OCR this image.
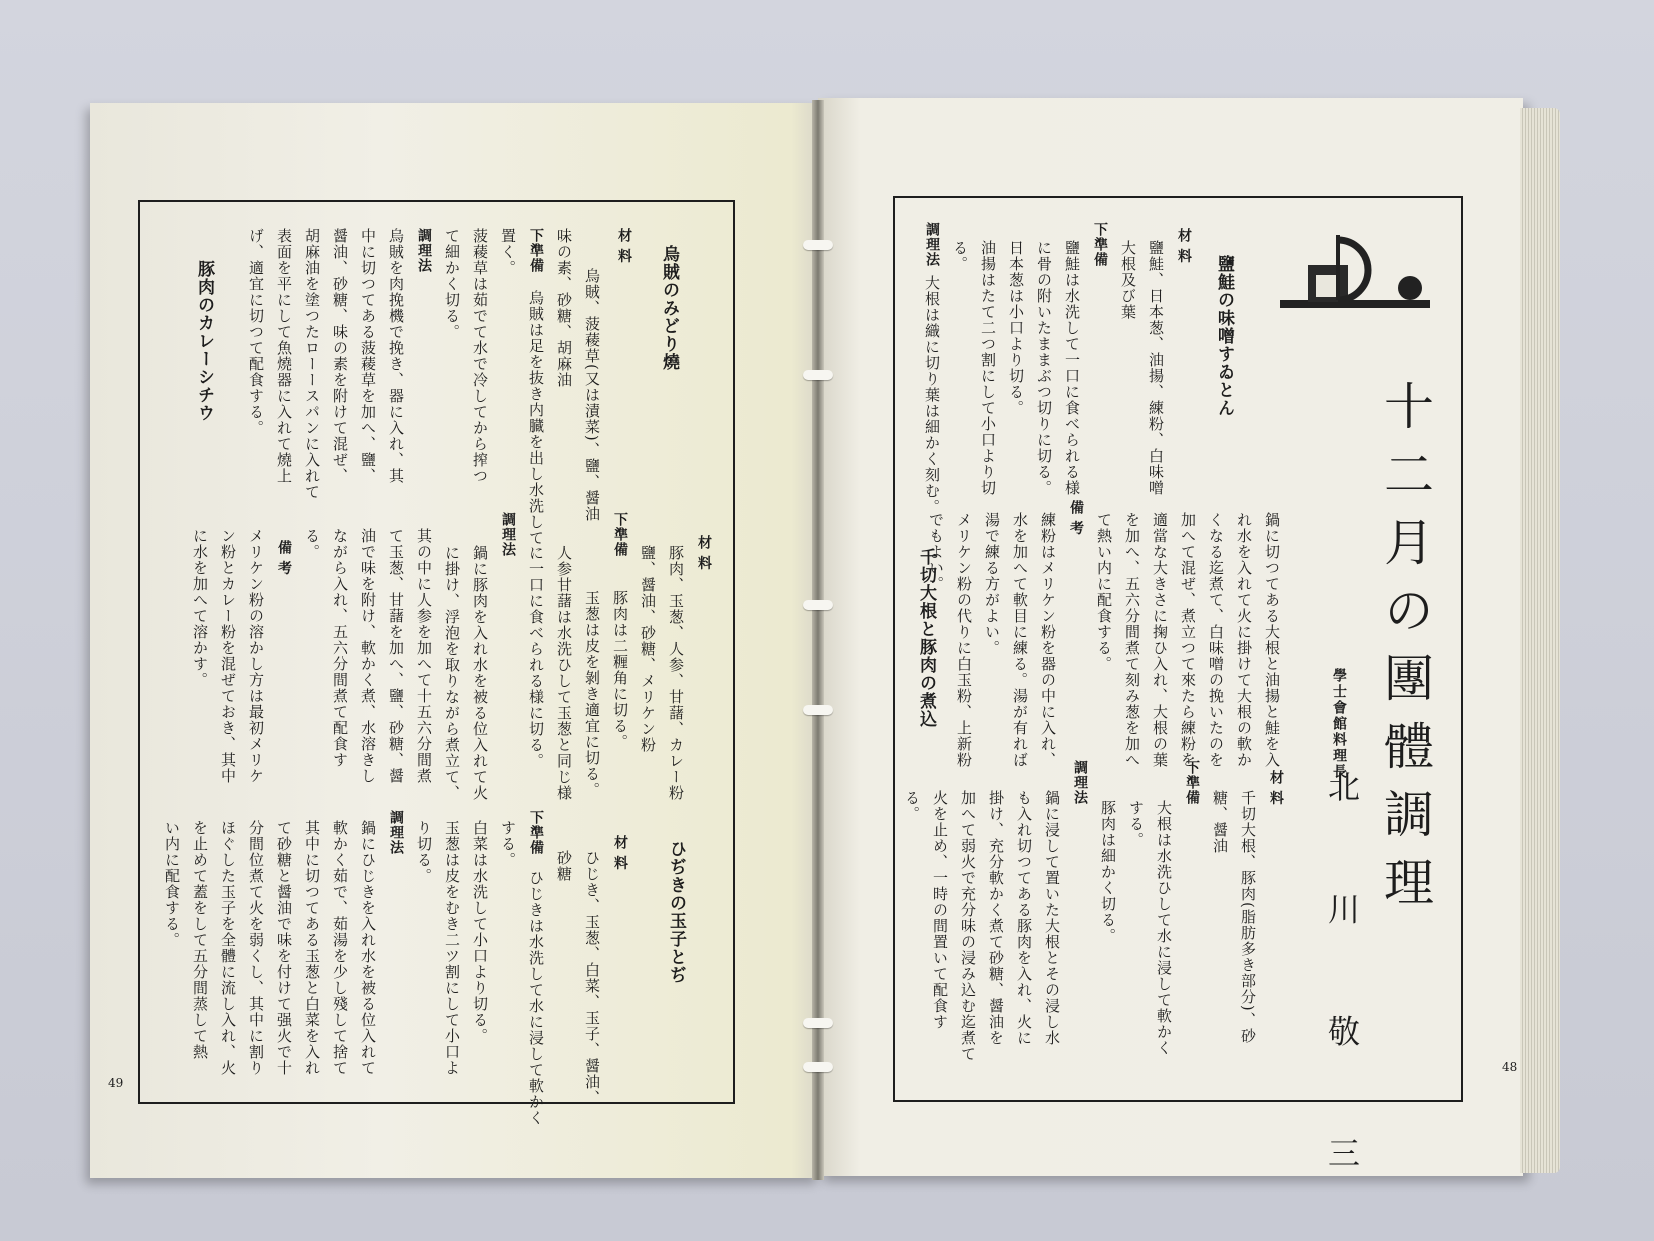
烏賊のみどり燒
材 料
烏賊、菠薐草(又は漬菜)、鹽、醤油
味の素、砂糖、胡麻油
下準備
烏賊は足を抜き内臓を出し水洗して
置く。
菠薐草は茹でて水で冷してから搾つ
て細かく切る。
調理法
烏賊を肉挽機で挽き、器に入れ、其
中に切つてある菠薐草を加へ、鹽、
醤油、砂糖、味の素を附けて混ぜ、
胡麻油を塗つたローースパンに入れて
表面を平にして魚燒器に入れて燒上
げ、適宜に切つて配食する。
豚肉のカレーシチウ
材 料
豚肉、玉葱、人参、甘藷、カレー粉
鹽、醤油、砂糖、メリケン粉
下準備
豚肉は二糎角に切る。
玉葱は皮を剝き適宜に切る。
人参甘藷は水洗ひして玉葱と同じ様
に一口に食べられる様に切る。
調理法
鍋に豚肉を入れ水を被る位入れて火
に掛け、浮泡を取りながら煮立て、
其の中に人参を加へて十五六分間煮
て玉葱、甘藷を加へ、鹽、砂糖、醤
油で味を附け、軟かく煮、水溶きし
ながら入れ、五六分間煮て配食す
る。
備 考
メリケン粉の溶かし方は最初メリケ
ン粉とカレー粉を混ぜておき、其中
に水を加へて溶かす。
ひぢきの玉子とぢ
材 料
ひじき、玉葱、白菜、玉子、醤油、
砂糖
下準備
ひじきは水洗して水に浸して軟かく
する。
白菜は水洗して小口より切る。
玉葱は皮をむき二ツ割にして小口よ
り切る。
調理法
鍋にひじきを入れ水を被る位入れて
軟かく茹で、茹湯を少し殘して捨て
其中に切つてある玉葱と白菜を入れ
て砂糖と醤油で味を付けて强火で十
分間位煮て火を弱くし、其中に割り
ほぐした玉子を全體に流し入れ、火
を止めて蓋をして五分間蒸して熱
い内に配食する。
49
十二月の團體調理
學士會館料理長
北 川 敬 三
鹽鮭の味噌すゐとん
材 料
鹽鮭、日本葱、油揚、練粉、白味噌
大根及び葉
下準備
鹽鮭は水洗して一口に食べられる様
に骨の附いたままぶつ切りに切る。
日本葱は小口より切る。
油揚はたて二つ割にして小口より切
る。
調理法
大根は織に切り葉は細かく刻む。
鍋に切つてある大根と油揚と鮭を入
れ水を入れて火に掛けて大根の軟か
くなる迄煮て、白味噌の挽いたのを
加へて混ぜ、煮立つて來たら練粉を
適當な大きさに掬ひ入れ、大根の葉
を加へ、五六分間煮て刻み葱を加へ
て熱い内に配食する。
備 考
練粉はメリケン粉を器の中に入れ、
水を加へて軟目に練る。湯が有れば
湯で練る方がよい。
メリケン粉の代りに白玉粉、上新粉
でもよい。
千切大根と豚肉の煮込
材 料
千切大根、豚肉(脂肪多き部分)、砂
糖、醤油
下準備
大根は水洗ひして水に浸して軟かく
する。
豚肉は細かく切る。
調理法
鍋に浸して置いた大根とその浸し水
も入れ切つてある豚肉を入れ、火に
掛け、充分軟かく煮て砂糖、醤油を
加へて弱火で充分味の浸み込む迄煮て
火を止め、一時の間置いて配食す
る。
48
